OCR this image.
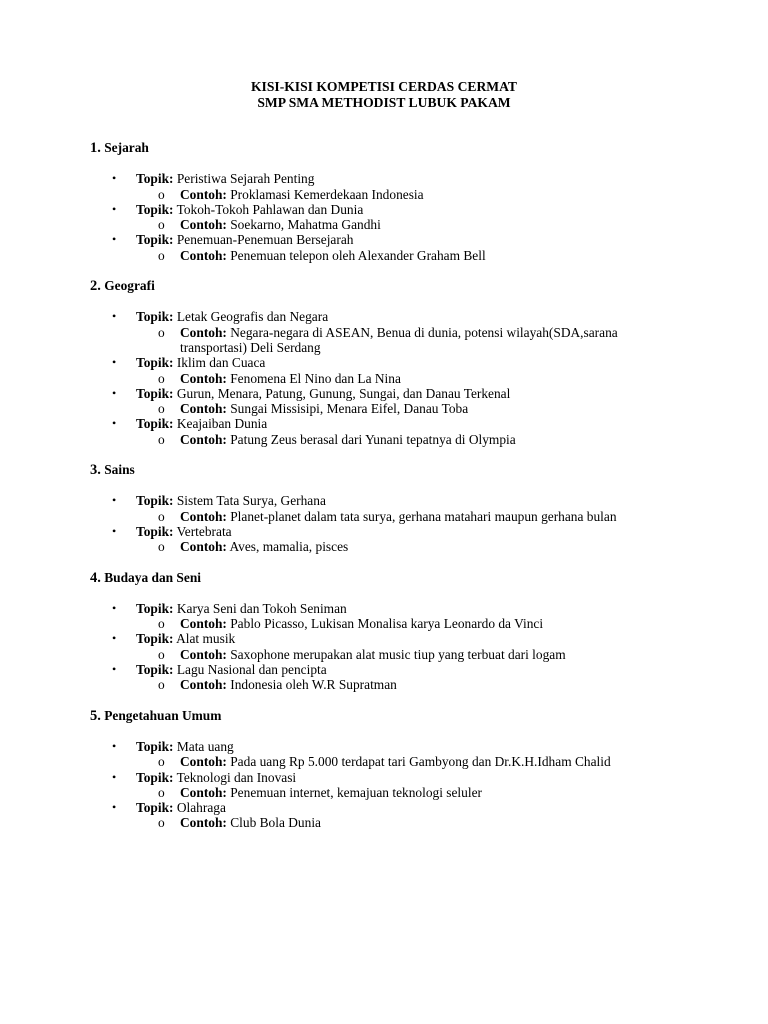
KISI-KISI KOMPETISI CERDAS CERMAT
SMP SMA METHODIST LUBUK PAKAM
1. Sejarah
• Topik: Peristiwa Sejarah Penting
o Contoh: Proklamasi Kemerdekaan Indonesia
• Topik: Tokoh-Tokoh Pahlawan dan Dunia
o Contoh: Soekarno, Mahatma Gandhi
• Topik: Penemuan-Penemuan Bersejarah
o Contoh: Penemuan telepon oleh Alexander Graham Bell
2. Geografi
• Topik: Letak Geografis dan Negara
o Contoh: Negara-negara di ASEAN, Benua di dunia, potensi wilayah(SDA,sarana transportasi) Deli Serdang
• Topik: Iklim dan Cuaca
o Contoh: Fenomena El Nino dan La Nina
• Topik: Gurun, Menara, Patung, Gunung, Sungai, dan Danau Terkenal
o Contoh: Sungai Missisipi, Menara Eifel, Danau Toba
• Topik: Keajaiban Dunia
o Contoh: Patung Zeus berasal dari Yunani tepatnya di Olympia
3. Sains
• Topik: Sistem Tata Surya, Gerhana
o Contoh: Planet-planet dalam tata surya, gerhana matahari maupun gerhana bulan
• Topik: Vertebrata
o Contoh: Aves, mamalia, pisces
4. Budaya dan Seni
• Topik: Karya Seni dan Tokoh Seniman
o Contoh: Pablo Picasso, Lukisan Monalisa karya Leonardo da Vinci
• Topik: Alat musik
o Contoh: Saxophone merupakan alat music tiup yang terbuat dari logam
• Topik: Lagu Nasional dan pencipta
o Contoh: Indonesia oleh W.R Supratman
5. Pengetahuan Umum
• Topik: Mata uang
o Contoh: Pada uang Rp 5.000 terdapat tari Gambyong dan Dr.K.H.Idham Chalid
• Topik: Teknologi dan Inovasi
o Contoh: Penemuan internet, kemajuan teknologi seluler
• Topik: Olahraga
o Contoh: Club Bola Dunia
